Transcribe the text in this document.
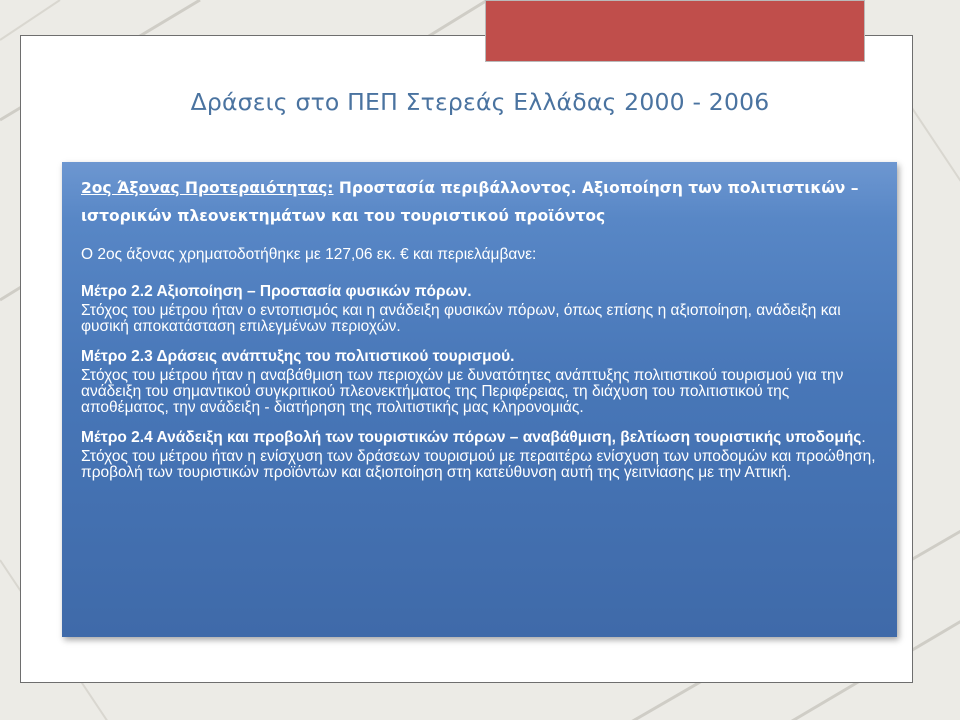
Δράσεις στο ΠΕΠ Στερεάς Ελλάδας 2000 - 2006

2ος Άξονας Προτεραιότητας: Προστασία περιβάλλοντος. Αξιοποίηση των πολιτιστικών – ιστορικών πλεονεκτημάτων και του τουριστικού προϊόντος

Ο 2ος άξονας χρηματοδοτήθηκε με 127,06 εκ. € και περιελάμβανε:

Μέτρο 2.2 Αξιοποίηση – Προστασία φυσικών πόρων.

Στόχος του μέτρου ήταν ο εντοπισμός και η ανάδειξη φυσικών πόρων, όπως επίσης η αξιοποίηση, ανάδειξη και φυσική αποκατάσταση επιλεγμένων περιοχών.

Μέτρο 2.3 Δράσεις ανάπτυξης του πολιτιστικού τουρισμού.

Στόχος του μέτρου ήταν η αναβάθμιση των περιοχών με δυνατότητες ανάπτυξης πολιτιστικού τουρισμού για την ανάδειξη του σημαντικού συγκριτικού πλεονεκτήματος της Περιφέρειας, τη διάχυση του πολιτιστικού της αποθέματος, την ανάδειξη - διατήρηση της πολιτιστικής μας κληρονομιάς.

Μέτρο 2.4 Ανάδειξη και προβολή των τουριστικών πόρων – αναβάθμιση, βελτίωση τουριστικής υποδομής.

Στόχος του μέτρου ήταν η ενίσχυση των δράσεων τουρισμού με περαιτέρω ενίσχυση των υποδομών και προώθηση, προβολή των τουριστικών προϊόντων και αξιοποίηση στη κατεύθυνση αυτή της γειτνίασης με την Αττική.
